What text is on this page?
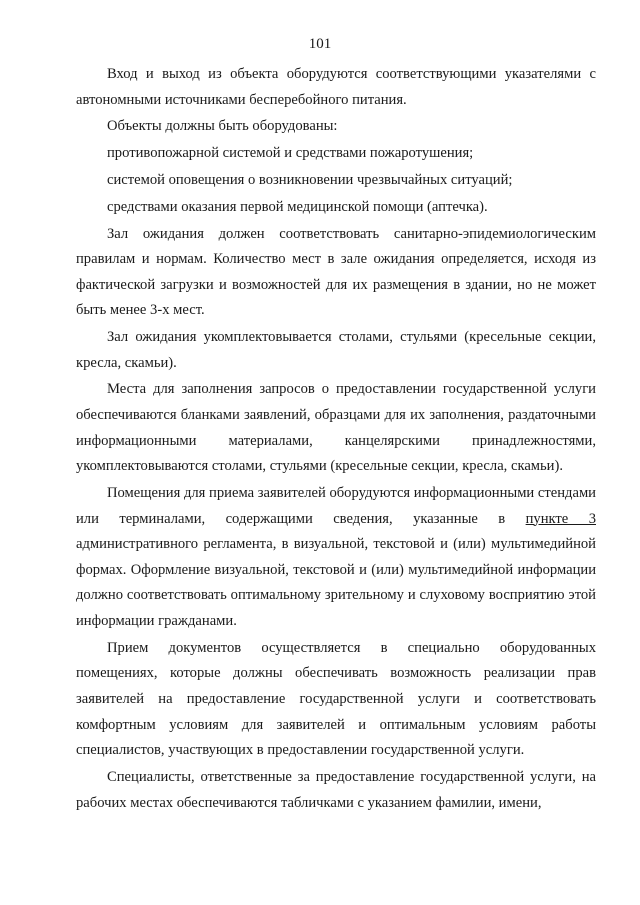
101

Вход и выход из объекта оборудуются соответствующими указателями с автономными источниками бесперебойного питания.

Объекты должны быть оборудованы:

противопожарной системой и средствами пожаротушения;

системой оповещения о возникновении чрезвычайных ситуаций;

средствами оказания первой медицинской помощи (аптечка).

Зал ожидания должен соответствовать санитарно-эпидемиологическим правилам и нормам. Количество мест в зале ожидания определяется, исходя из фактической загрузки и возможностей для их размещения в здании, но не может быть менее 3-х мест.

Зал ожидания укомплектовывается столами, стульями (кресельные секции, кресла, скамьи).

Места для заполнения запросов о предоставлении государственной услуги обеспечиваются бланками заявлений, образцами для их заполнения, раздаточными информационными материалами, канцелярскими принадлежностями, укомплектовываются столами, стульями (кресельные секции, кресла, скамьи).

Помещения для приема заявителей оборудуются информационными стендами или терминалами, содержащими сведения, указанные в пункте 3 административного регламента, в визуальной, текстовой и (или) мультимедийной формах. Оформление визуальной, текстовой и (или) мультимедийной информации должно соответствовать оптимальному зрительному и слуховому восприятию этой информации гражданами.

Прием документов осуществляется в специально оборудованных помещениях, которые должны обеспечивать возможность реализации прав заявителей на предоставление государственной услуги и соответствовать комфортным условиям для заявителей и оптимальным условиям работы специалистов, участвующих в предоставлении государственной услуги.

Специалисты, ответственные за предоставление государственной услуги, на рабочих местах обеспечиваются табличками с указанием фамилии, имени,
